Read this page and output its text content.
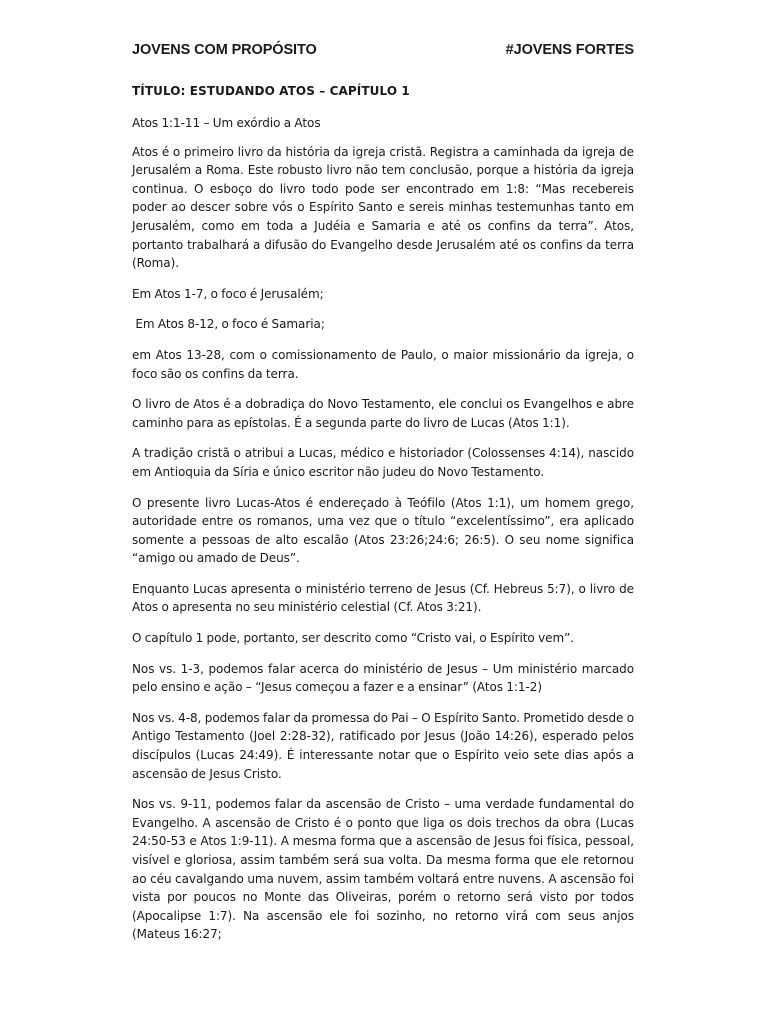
JOVENS COM PROPÓSITO	#JOVENS FORTES
TÍTULO: ESTUDANDO ATOS – CAPÍTULO 1

Atos 1:1-11 – Um exórdio a Atos

Atos é o primeiro livro da história da igreja cristã. Registra a caminhada da igreja de Jerusalém a Roma. Este robusto livro não tem conclusão, porque a história da igreja continua. O esboço do livro todo pode ser encontrado em 1:8: “Mas recebereis poder ao descer sobre vós o Espírito Santo e sereis minhas testemunhas tanto em Jerusalém, como em toda a Judéia e Samaria e até os confins da terra”. Atos, portanto trabalhará a difusão do Evangelho desde Jerusalém até os confins da terra (Roma).

Em Atos 1-7, o foco é Jerusalém;

Em Atos 8-12, o foco é Samaria;

em Atos 13-28, com o comissionamento de Paulo, o maior missionário da igreja, o foco são os confins da terra.

O livro de Atos é a dobradiça do Novo Testamento, ele conclui os Evangelhos e abre caminho para as epístolas. É a segunda parte do livro de Lucas (Atos 1:1).

A tradição cristã o atribui a Lucas, médico e historiador (Colossenses 4:14), nascido em Antioquia da Síria e único escritor não judeu do Novo Testamento.

O presente livro Lucas-Atos é endereçado à Teófilo (Atos 1:1), um homem grego, autoridade entre os romanos, uma vez que o título “excelentíssimo”, era aplicado somente a pessoas de alto escalão (Atos 23:26;24:6; 26:5). O seu nome significa “amigo ou amado de Deus”.

Enquanto Lucas apresenta o ministério terreno de Jesus (Cf. Hebreus 5:7), o livro de Atos o apresenta no seu ministério celestial (Cf. Atos 3:21).

O capítulo 1 pode, portanto, ser descrito como “Cristo vai, o Espírito vem”.

Nos vs. 1-3, podemos falar acerca do ministério de Jesus – Um ministério marcado pelo ensino e ação – “Jesus começou a fazer e a ensinar” (Atos 1:1-2)

Nos vs. 4-8, podemos falar da promessa do Pai – O Espírito Santo. Prometido desde o Antigo Testamento (Joel 2:28-32), ratificado por Jesus (João 14:26), esperado pelos discípulos (Lucas 24:49). É interessante notar que o Espírito veio sete dias após a ascensão de Jesus Cristo.

Nos vs. 9-11, podemos falar da ascensão de Cristo – uma verdade fundamental do Evangelho. A ascensão de Cristo é o ponto que liga os dois trechos da obra (Lucas 24:50-53 e Atos 1:9-11). A mesma forma que a ascensão de Jesus foi física, pessoal, visível e gloriosa, assim também será sua volta. Da mesma forma que ele retornou ao céu cavalgando uma nuvem, assim também voltará entre nuvens. A ascensão foi vista por poucos no Monte das Oliveiras, porém o retorno será visto por todos (Apocalipse 1:7). Na ascensão ele foi sozinho, no retorno virá com seus anjos (Mateus 16:27;
